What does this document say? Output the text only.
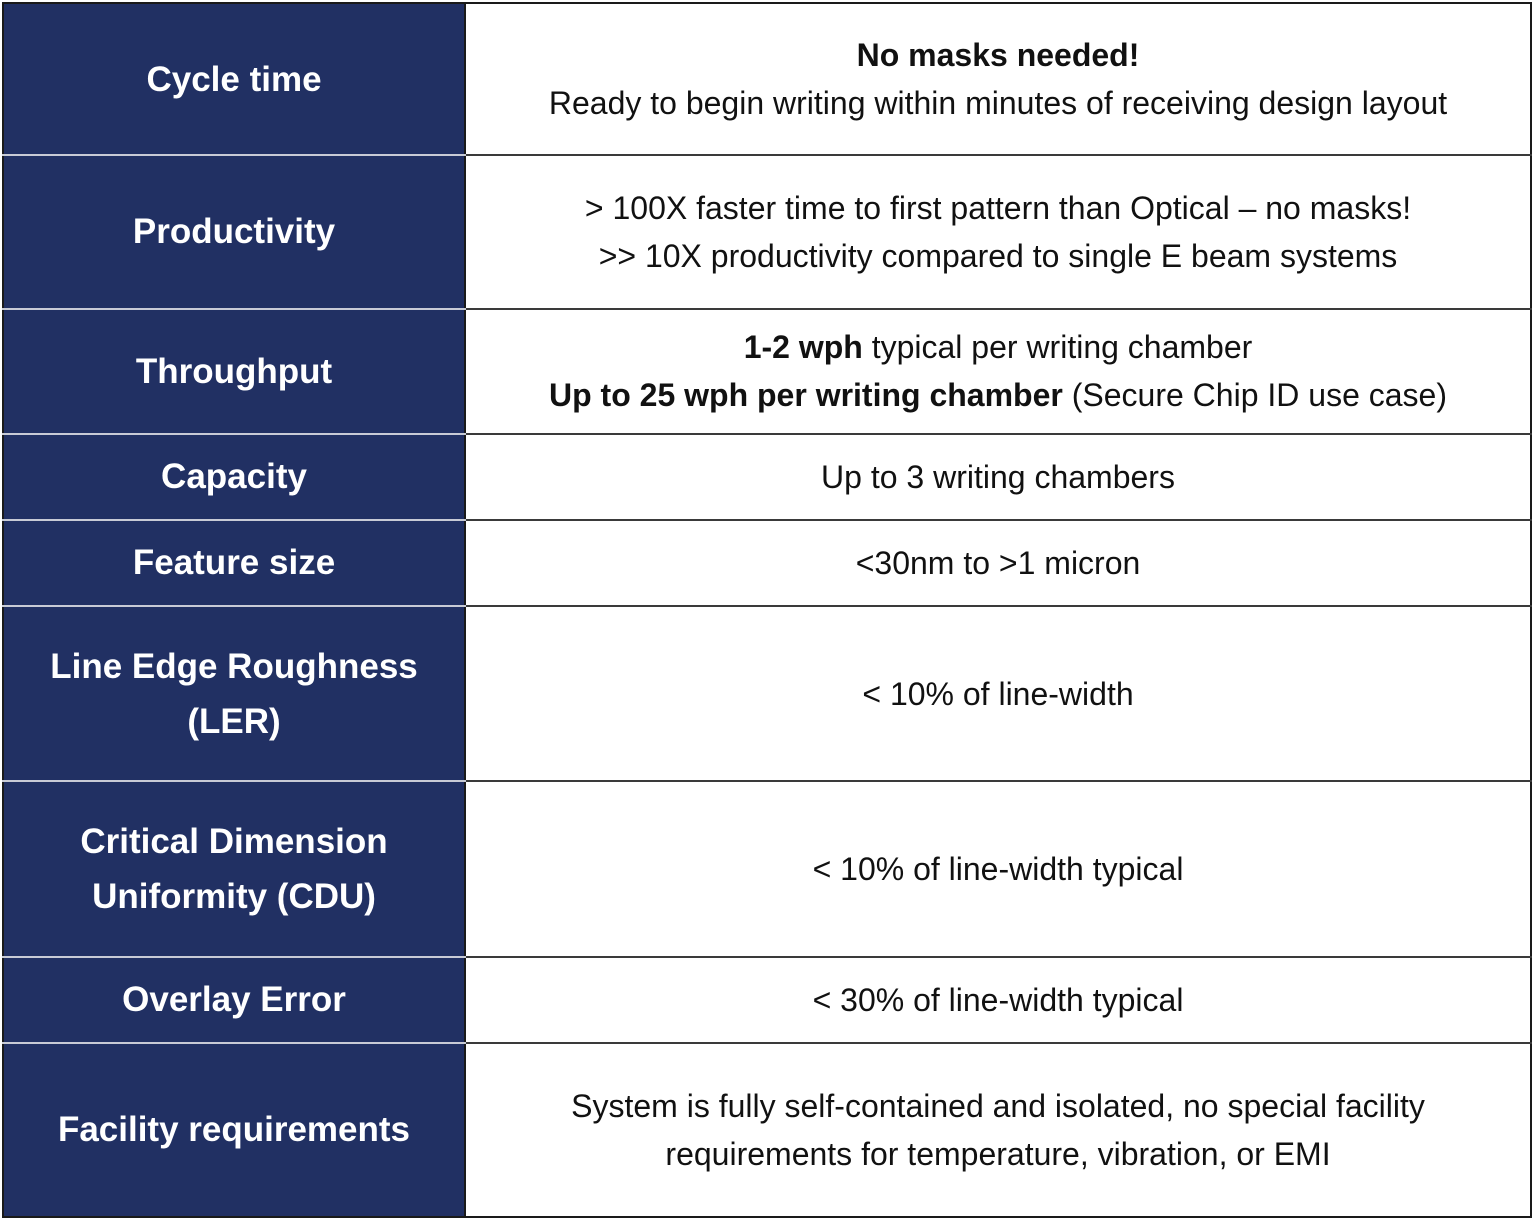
Cycle time	No masks needed!
Ready to begin writing within minutes of receiving design layout

Productivity	> 100X faster time to first pattern than Optical – no masks!
>> 10X productivity compared to single E beam systems

Throughput	1-2 wph typical per writing chamber
Up to 25 wph per writing chamber (Secure Chip ID use case)

Capacity	Up to 3 writing chambers

Feature size	<30nm to >1 micron

Line Edge Roughness
(LER)	< 10% of line-width

Critical Dimension
Uniformity (CDU)	< 10% of line-width typical

Overlay Error	< 30% of line-width typical

Facility requirements	System is fully self-contained and isolated, no special facility
requirements for temperature, vibration, or EMI
